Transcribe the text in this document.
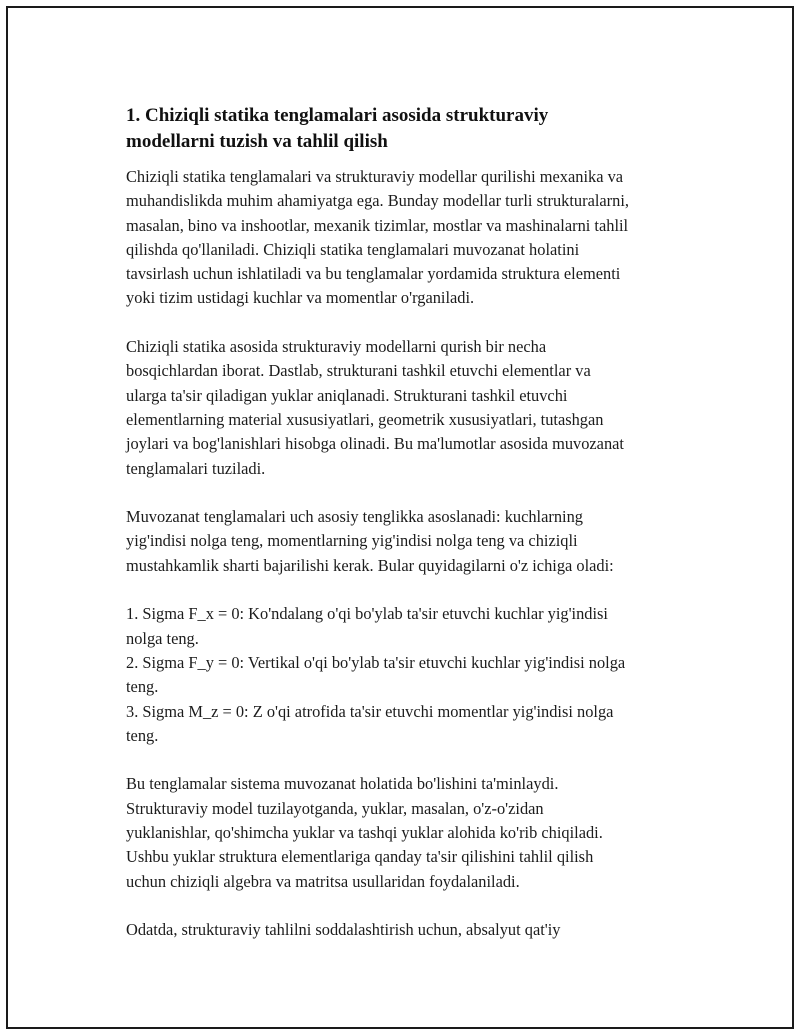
1. Chiziqli statika tenglamalari asosida strukturaviy
modellarni tuzish va tahlil qilish

Chiziqli statika tenglamalari va strukturaviy modellar qurilishi mexanika va
muhandislikda muhim ahamiyatga ega. Bunday modellar turli strukturalarni,
masalan, bino va inshootlar, mexanik tizimlar, mostlar va mashinalarni tahlil
qilishda qo'llaniladi. Chiziqli statika tenglamalari muvozanat holatini
tavsirlash uchun ishlatiladi va bu tenglamalar yordamida struktura elementi
yoki tizim ustidagi kuchlar va momentlar o'rganiladi.

Chiziqli statika asosida strukturaviy modellarni qurish bir necha
bosqichlardan iborat. Dastlab, strukturani tashkil etuvchi elementlar va
ularga ta'sir qiladigan yuklar aniqlanadi. Strukturani tashkil etuvchi
elementlarning material xususiyatlari, geometrik xususiyatlari, tutashgan
joylari va bog'lanishlari hisobga olinadi. Bu ma'lumotlar asosida muvozanat
tenglamalari tuziladi.

Muvozanat tenglamalari uch asosiy tenglikka asoslanadi: kuchlarning
yig'indisi nolga teng, momentlarning yig'indisi nolga teng va chiziqli
mustahkamlik sharti bajarilishi kerak. Bular quyidagilarni o'z ichiga oladi:

1. Sigma F_x = 0: Ko'ndalang o'qi bo'ylab ta'sir etuvchi kuchlar yig'indisi
nolga teng.
2. Sigma F_y = 0: Vertikal o'qi bo'ylab ta'sir etuvchi kuchlar yig'indisi nolga
teng.
3. Sigma M_z = 0: Z o'qi atrofida ta'sir etuvchi momentlar yig'indisi nolga
teng.

Bu tenglamalar sistema muvozanat holatida bo'lishini ta'minlaydi.
Strukturaviy model tuzilayotganda, yuklar, masalan, o'z-o'zidan
yuklanishlar, qo'shimcha yuklar va tashqi yuklar alohida ko'rib chiqiladi.
Ushbu yuklar struktura elementlariga qanday ta'sir qilishini tahlil qilish
uchun chiziqli algebra va matritsa usullaridan foydalaniladi.

Odatda, strukturaviy tahlilni soddalashtirish uchun, absalyut qat'iy
